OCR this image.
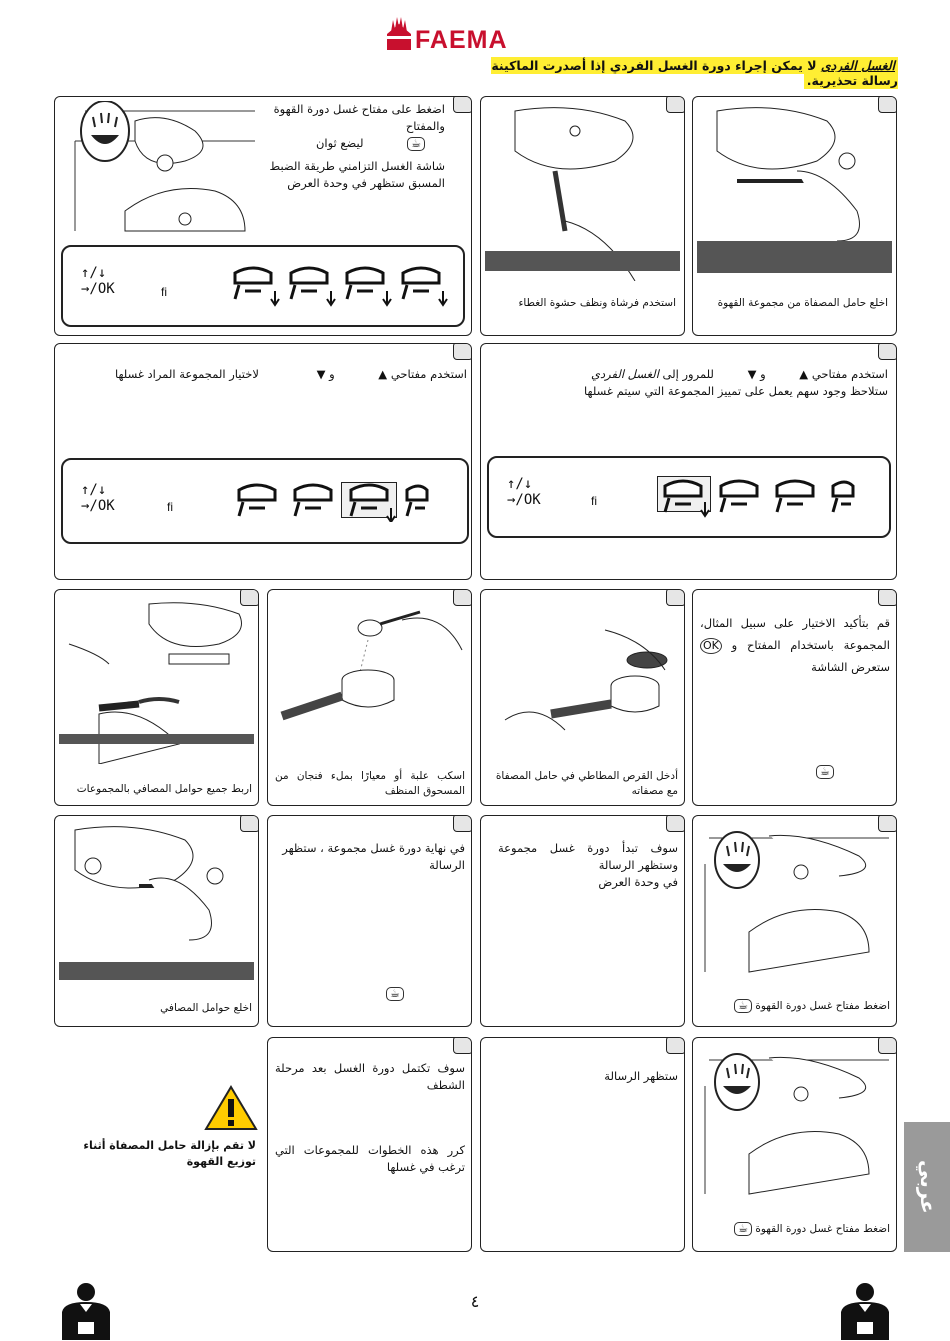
FAEMA
الغسل الفردي لا يمكن إجراء دورة الغسل الفردي إذا أصدرت الماكينة رسالة تحذيرية.
اضغط على مفتاح غسل دورة القهوة والمفتاح
☕ ليضع ثوان
شاشة الغسل التزامني طريقة الضبط المسبق ستظهر في وحدة العرض
↑/↓
→/OK	fi
استخدم فرشاة ونظف حشوة الغطاء	اخلع حامل المصفاة من مجموعة القهوة
استخدم مفتاحي ▲ و ▼ لاختيار المجموعة المراد غسلها
↑/↓
→/OK	fi
استخدم مفتاحي ▲ و ▼ للمرور إلى الغسل الفردي
ستلاحظ وجود سهم يعمل على تمييز المجموعة التي سيتم غسلها
↑/↓
→/OK	fi
اربط جميع حوامل المصافي بالمجموعات
اسكب علبة أو معيارًا بملء فنجان من المسحوق المنظف
أدخل القرص المطاطي في حامل المصفاة مع مصفاته
قم بتأكيد الاختيار على سبيل المثال، المجموعة باستخدام المفتاح و OK ستعرض الشاشة
☕
اخلع حوامل المصافي
في نهاية دورة غسل مجموعة ، ستظهر الرسالة
☕
سوف تبدأ دورة غسل مجموعة وستظهر الرسالة
في وحدة العرض
اضغط مفتاح غسل دورة القهوة ☕
لا تقم بإزالة حامل المصفاة أثناء توزيع القهوة
سوف تكتمل دورة الغسل بعد مرحلة الشطف
كرر هذه الخطوات للمجموعات التي ترغب في غسلها
ستظهر الرسالة
اضغط مفتاح غسل دورة القهوة ☕
عربي
٤
